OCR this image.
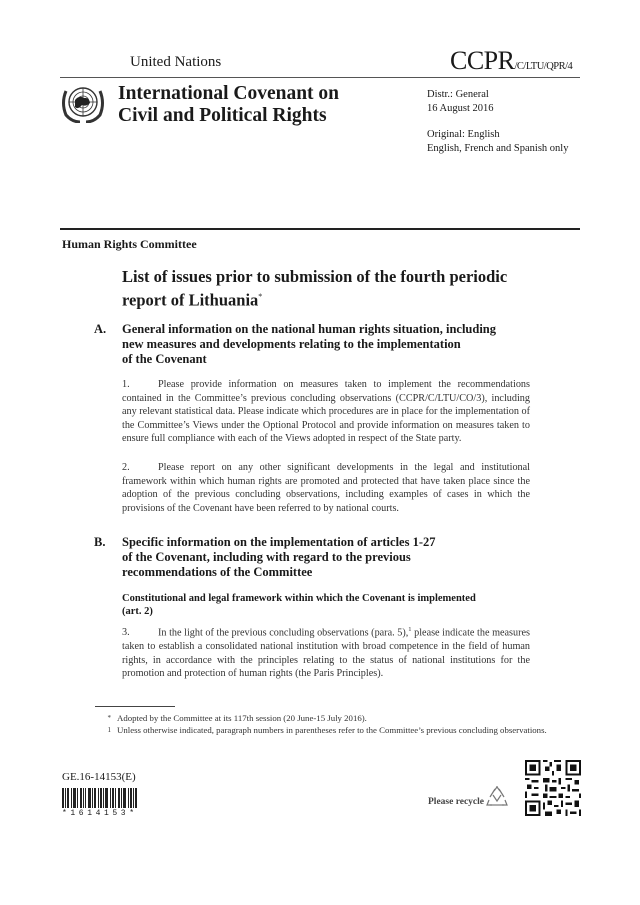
United Nations	CCPR/C/LTU/QPR/4
International Covenant on
Civil and Political Rights
Distr.: General
16 August 2016
Original: English
English, French and Spanish only
Human Rights Committee
List of issues prior to submission of the fourth periodic
report of Lithuania*
A. General information on the national human rights situation, including
new measures and developments relating to the implementation
of the Covenant
1.	Please provide information on measures taken to implement the recommendations contained in the Committee’s previous concluding observations (CCPR/C/LTU/CO/3), including any relevant statistical data. Please indicate which procedures are in place for the implementation of the Committee’s Views under the Optional Protocol and provide information on measures taken to ensure full compliance with each of the Views adopted in respect of the State party.
2.	Please report on any other significant developments in the legal and institutional framework within which human rights are promoted and protected that have taken place since the adoption of the previous concluding observations, including examples of cases in which the provisions of the Covenant have been referred to by national courts.
B. Specific information on the implementation of articles 1-27
of the Covenant, including with regard to the previous
recommendations of the Committee
Constitutional and legal framework within which the Covenant is implemented
(art. 2)
3.	In the light of the previous concluding observations (para. 5),$^1$ please indicate the measures taken to establish a consolidated national institution with broad competence in the field of human rights, in accordance with the principles relating to the status of national institutions for the promotion and protection of human rights (the Paris Principles).
* Adopted by the Committee at its 117th session (20 June-15 July 2016).
1 Unless otherwise indicated, paragraph numbers in parentheses refer to the Committee’s previous concluding observations.
GE.16-14153(E)
*1614153*
Please recycle
